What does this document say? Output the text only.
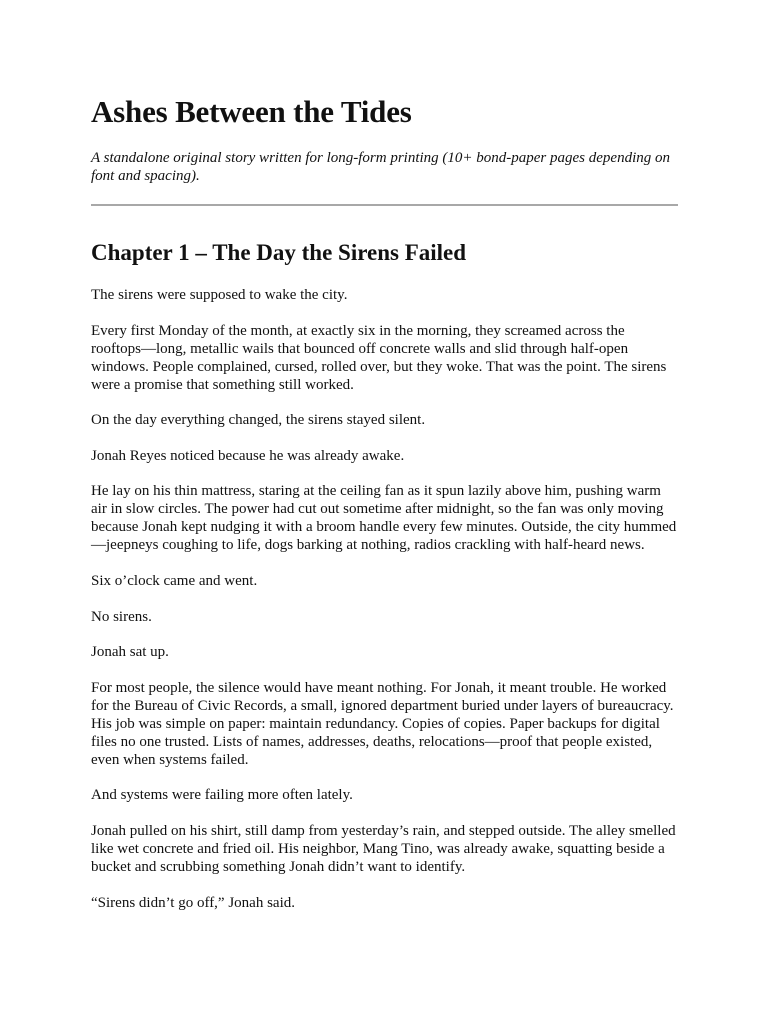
Ashes Between the Tides

A standalone original story written for long-form printing (10+ bond-paper pages depending on font and spacing).

Chapter 1 – The Day the Sirens Failed

The sirens were supposed to wake the city.

Every first Monday of the month, at exactly six in the morning, they screamed across the rooftops—long, metallic wails that bounced off concrete walls and slid through half-open windows. People complained, cursed, rolled over, but they woke. That was the point. The sirens were a promise that something still worked.

On the day everything changed, the sirens stayed silent.

Jonah Reyes noticed because he was already awake.

He lay on his thin mattress, staring at the ceiling fan as it spun lazily above him, pushing warm air in slow circles. The power had cut out sometime after midnight, so the fan was only moving because Jonah kept nudging it with a broom handle every few minutes. Outside, the city hummed—jeepneys coughing to life, dogs barking at nothing, radios crackling with half-heard news.

Six o’clock came and went.

No sirens.

Jonah sat up.

For most people, the silence would have meant nothing. For Jonah, it meant trouble. He worked for the Bureau of Civic Records, a small, ignored department buried under layers of bureaucracy. His job was simple on paper: maintain redundancy. Copies of copies. Paper backups for digital files no one trusted. Lists of names, addresses, deaths, relocations—proof that people existed, even when systems failed.

And systems were failing more often lately.

Jonah pulled on his shirt, still damp from yesterday’s rain, and stepped outside. The alley smelled like wet concrete and fried oil. His neighbor, Mang Tino, was already awake, squatting beside a bucket and scrubbing something Jonah didn’t want to identify.

“Sirens didn’t go off,” Jonah said.
